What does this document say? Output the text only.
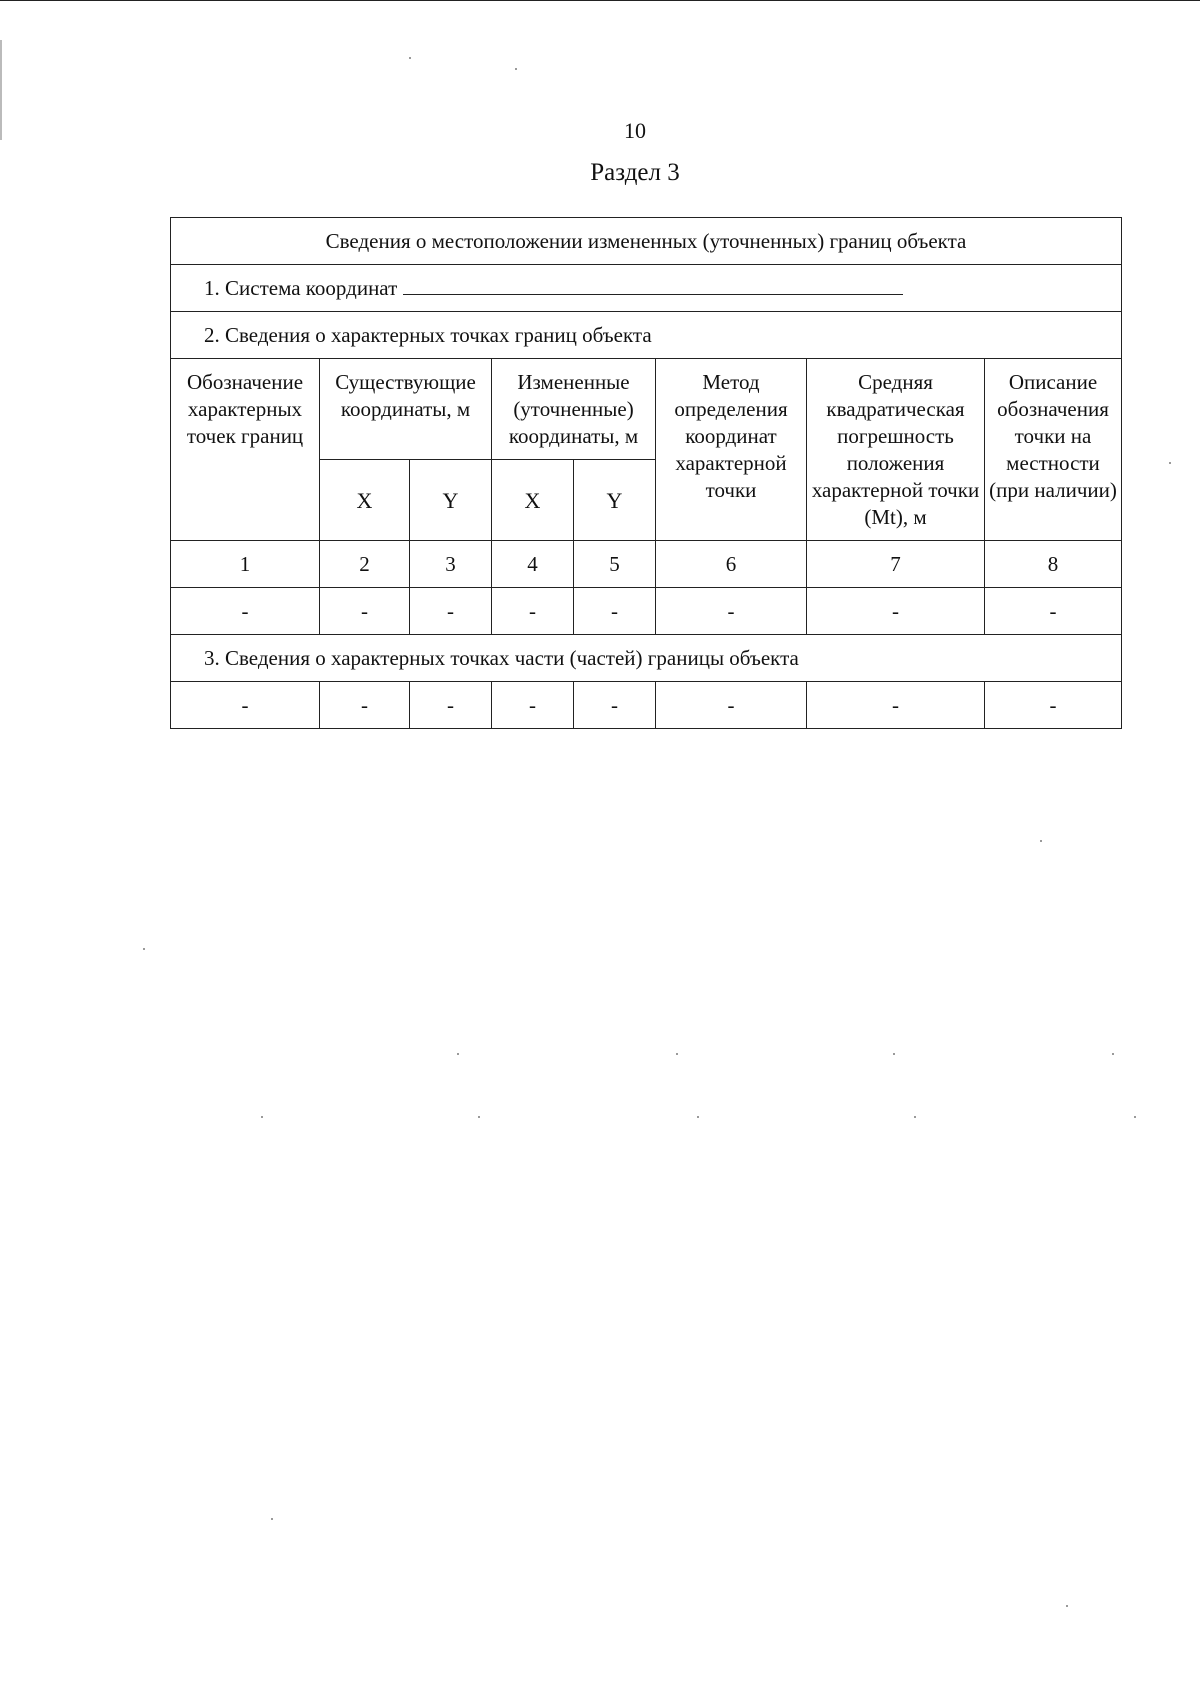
10
Раздел 3
Сведения о местоположении измененных (уточненных) границ объекта							
1. Система координат							
2. Сведения о характерных точках границ объекта							
Обозначение характерных точек границ	Существующие координаты, м		Измененные (уточненные) координаты, м		Метод определения координат характерной точки	Средняя квадратическая погрешность положения характерной точки (Mt), м	Описание обозначения точки на местности (при наличии)
	X	Y	X	Y			
1	2	3	4	5	6	7	8
-	-	-	-	-	-	-	-
3. Сведения о характерных точках части (частей) границы объекта							
-	-	-	-	-	-	-	-
